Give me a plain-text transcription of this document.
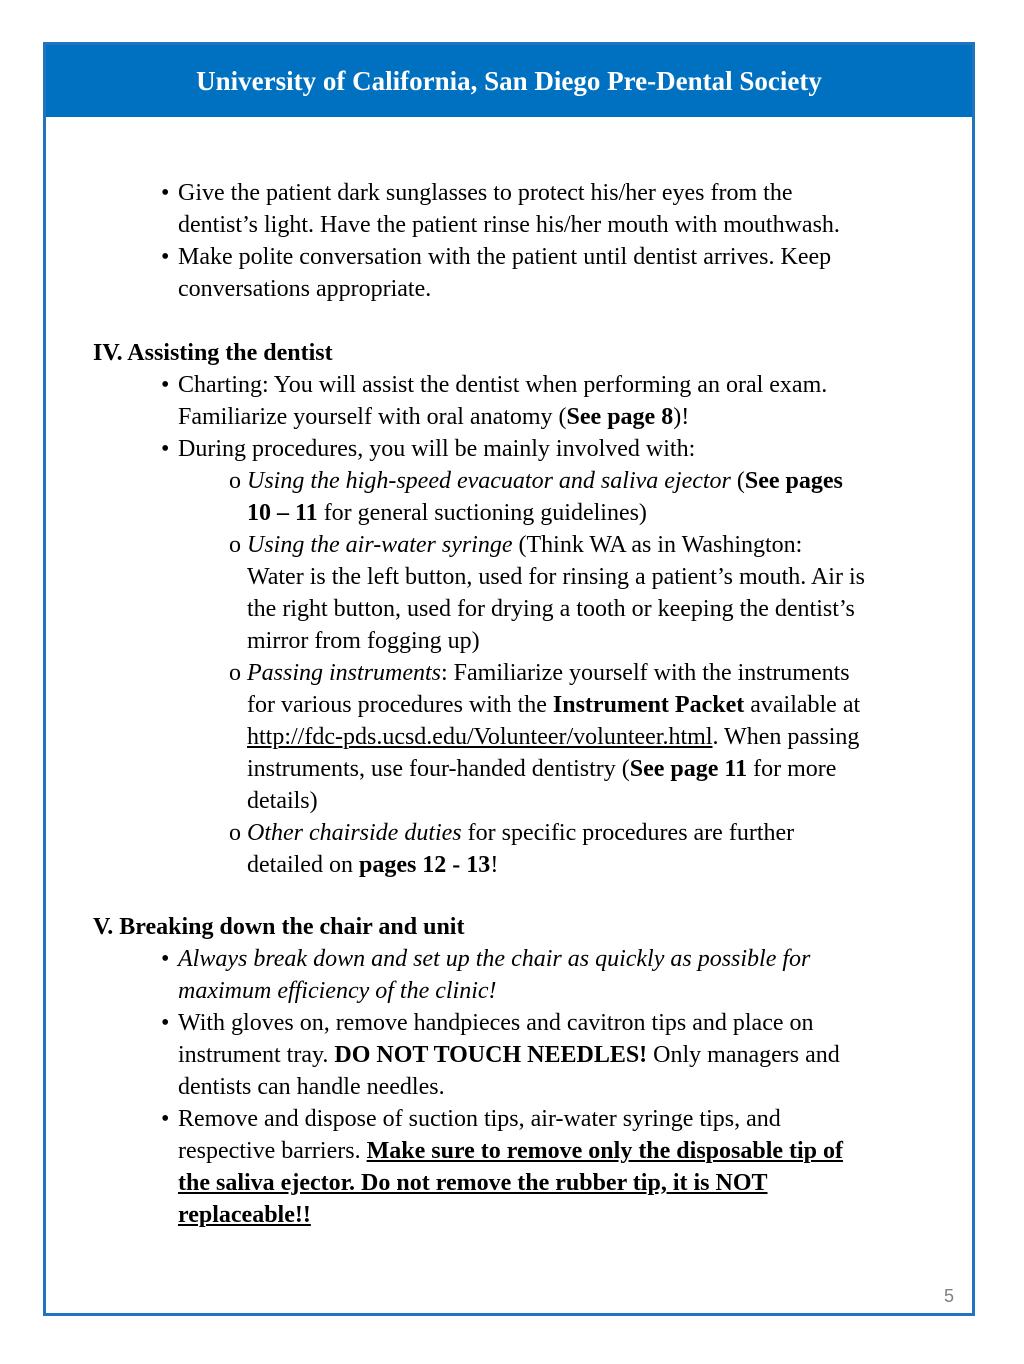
University of California, San Diego Pre-Dental Society
5
• Give the patient dark sunglasses to protect his/her eyes from the
dentist’s light. Have the patient rinse his/her mouth with mouthwash.
• Make polite conversation with the patient until dentist arrives. Keep
conversations appropriate.
IV. Assisting the dentist
• Charting: You will assist the dentist when performing an oral exam.
Familiarize yourself with oral anatomy (See page 8)!
• During procedures, you will be mainly involved with:
o Using the high-speed evacuator and saliva ejector (See pages
10 – 11 for general suctioning guidelines)
o Using the air-water syringe (Think WA as in Washington:
Water is the left button, used for rinsing a patient’s mouth. Air is
the right button, used for drying a tooth or keeping the dentist’s
mirror from fogging up)
o Passing instruments: Familiarize yourself with the instruments
for various procedures with the Instrument Packet available at
http://fdc-pds.ucsd.edu/Volunteer/volunteer.html. When passing
instruments, use four-handed dentistry (See page 11 for more
details)
o Other chairside duties for specific procedures are further
detailed on pages 12 - 13!
V. Breaking down the chair and unit
• Always break down and set up the chair as quickly as possible for
maximum efficiency of the clinic!
• With gloves on, remove handpieces and cavitron tips and place on
instrument tray. DO NOT TOUCH NEEDLES! Only managers and
dentists can handle needles.
• Remove and dispose of suction tips, air-water syringe tips, and
respective barriers. Make sure to remove only the disposable tip of
the saliva ejector. Do not remove the rubber tip, it is NOT
replaceable!!
